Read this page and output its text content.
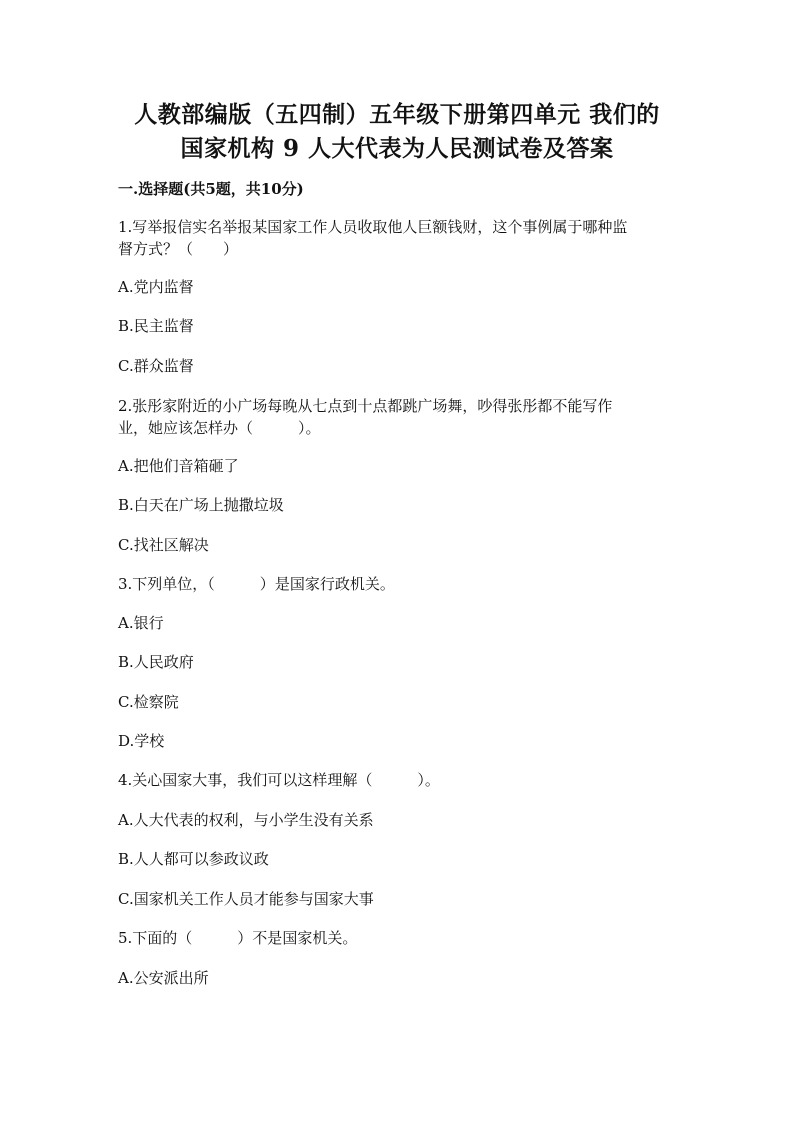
人教部编版（五四制）五年级下册第四单元 我们的
国家机构 9 人大代表为人民测试卷及答案
一.选择题(共5题，共10分)
1.写举报信实名举报某国家工作人员收取他人巨额钱财，这个事例属于哪种监
督方式？（　　）
A.党内监督
B.民主监督
C.群众监督
2.张彤家附近的小广场每晚从七点到十点都跳广场舞，吵得张彤都不能写作
业，她应该怎样办（　　　）。
A.把他们音箱砸了
B.白天在广场上抛撒垃圾
C.找社区解决
3.下列单位，（　　　）是国家行政机关。
A.银行
B.人民政府
C.检察院
D.学校
4.关心国家大事，我们可以这样理解（　　　）。
A.人大代表的权利，与小学生没有关系
B.人人都可以参政议政
C.国家机关工作人员才能参与国家大事
5.下面的（　　　）不是国家机关。
A.公安派出所
